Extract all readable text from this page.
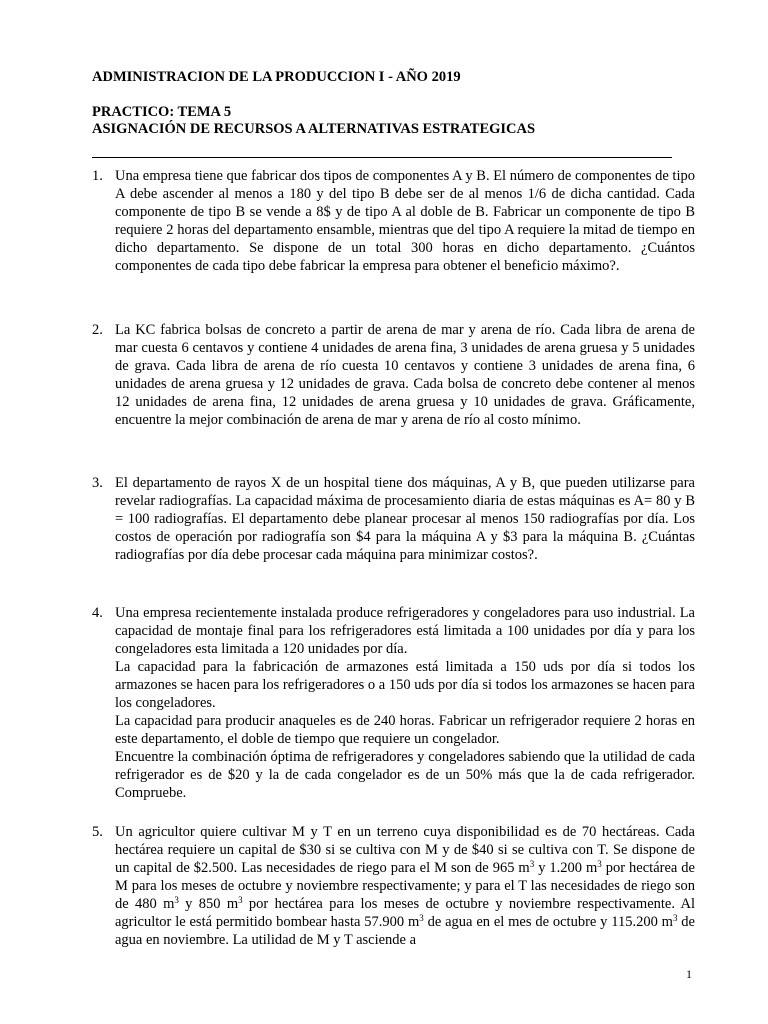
ADMINISTRACION DE LA PRODUCCION I - AÑO 2019
PRACTICO: TEMA 5
ASIGNACIÓN DE RECURSOS A ALTERNATIVAS ESTRATEGICAS
1. Una empresa tiene que fabricar dos tipos de componentes A y B. El número de componentes de tipo A debe ascender al menos a 180 y del tipo B debe ser de al menos 1/6 de dicha cantidad. Cada componente de tipo B se vende a 8$ y de tipo A al doble de B. Fabricar un componente de tipo B requiere 2 horas del departamento ensamble, mientras que del tipo A requiere la mitad de tiempo en dicho departamento. Se dispone de un total 300 horas en dicho departamento. ¿Cuántos componentes de cada tipo debe fabricar la empresa para obtener el beneficio máximo?.
2. La KC fabrica bolsas de concreto a partir de arena de mar y arena de río. Cada libra de arena de mar cuesta 6 centavos y contiene 4 unidades de arena fina, 3 unidades de arena gruesa y 5 unidades de grava. Cada libra de arena de río cuesta 10 centavos y contiene 3 unidades de arena fina, 6 unidades de arena gruesa y 12 unidades de grava. Cada bolsa de concreto debe contener al menos 12 unidades de arena fina, 12 unidades de arena gruesa y 10 unidades de grava. Gráficamente, encuentre la mejor combinación de arena de mar y arena de río al costo mínimo.
3. El departamento de rayos X de un hospital tiene dos máquinas, A y B, que pueden utilizarse para revelar radiografías. La capacidad máxima de procesamiento diaria de estas máquinas es A= 80 y B = 100 radiografías. El departamento debe planear procesar al menos 150 radiografías por día. Los costos de operación por radiografía son $4 para la máquina A y $3 para la máquina B. ¿Cuántas radiografías por día debe procesar cada máquina para minimizar costos?.
4. Una empresa recientemente instalada produce refrigeradores y congeladores para uso industrial. La capacidad de montaje final para los refrigeradores está limitada a 100 unidades por día y para los congeladores esta limitada a 120 unidades por día.

La capacidad para la fabricación de armazones está limitada a 150 uds por día si todos los armazones se hacen para los refrigeradores o a 150 uds por día si todos los armazones se hacen para los congeladores.

La capacidad para producir anaqueles es de 240 horas. Fabricar un refrigerador requiere 2 horas en este departamento, el doble de tiempo que requiere un congelador.

Encuentre la combinación óptima de refrigeradores y congeladores sabiendo que la utilidad de cada refrigerador es de $20 y la de cada congelador es de un 50% más que la de cada refrigerador. Compruebe.

5. Un agricultor quiere cultivar M y T en un terreno cuya disponibilidad es de 70 hectáreas. Cada hectárea requiere un capital de $30 si se cultiva con M y de $40 si se cultiva con T. Se dispone de un capital de $2.500. Las necesidades de riego para el M son de 965 $m^3$ y 1.200 $m^3$ por hectárea de M para los meses de octubre y noviembre respectivamente; y para el T las necesidades de riego son de 480 $m^3$ y 850 $m^3$ por hectárea para los meses de octubre y noviembre respectivamente. Al agricultor le está permitido bombear hasta 57.900 $m^3$ de agua en el mes de octubre y 115.200 $m^3$ de agua en noviembre. La utilidad de M y T asciende a
1
